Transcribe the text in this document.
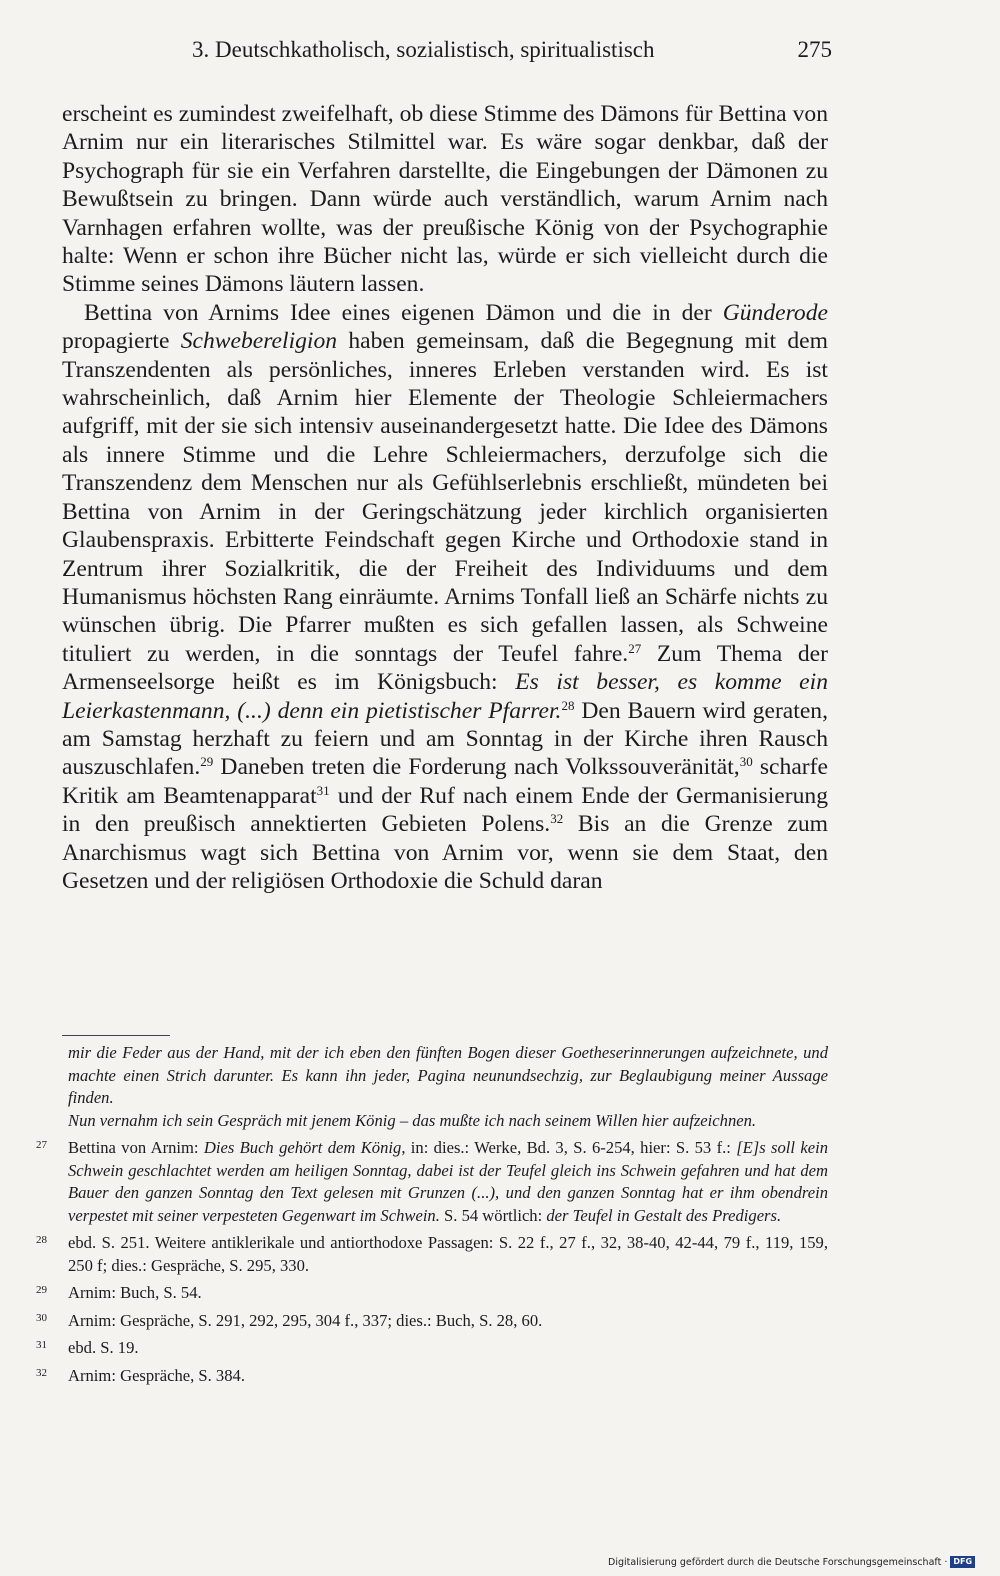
3. Deutschkatholisch, sozialistisch, spiritualistisch	275

erscheint es zumindest zweifelhaft, ob diese Stimme des Dämons für Bettina von Arnim nur ein literarisches Stilmittel war. Es wäre sogar denkbar, daß der Psychograph für sie ein Verfahren darstellte, die Eingebungen der Dämonen zu Bewußtsein zu bringen. Dann würde auch verständlich, warum Arnim nach Varnhagen erfahren wollte, was der preußische König von der Psychographie halte: Wenn er schon ihre Bücher nicht las, würde er sich vielleicht durch die Stimme seines Dämons läutern lassen.

Bettina von Arnims Idee eines eigenen Dämon und die in der Günderode propagierte Schwebereligion haben gemeinsam, daß die Begegnung mit dem Transzendenten als persönliches, inneres Erleben verstanden wird. Es ist wahrscheinlich, daß Arnim hier Elemente der Theologie Schleiermachers aufgriff, mit der sie sich intensiv auseinandergesetzt hatte. Die Idee des Dämons als innere Stimme und die Lehre Schleiermachers, derzufolge sich die Transzendenz dem Menschen nur als Gefühlserlebnis erschließt, mündeten bei Bettina von Arnim in der Geringschätzung jeder kirchlich organisierten Glaubenspraxis. Erbitterte Feindschaft gegen Kirche und Orthodoxie stand in Zentrum ihrer Sozialkritik, die der Freiheit des Individuums und dem Humanismus höchsten Rang einräumte. Arnims Tonfall ließ an Schärfe nichts zu wünschen übrig. Die Pfarrer mußten es sich gefallen lassen, als Schweine tituliert zu werden, in die sonntags der Teufel fahre.$^{27}$ Zum Thema der Armenseelsorge heißt es im Königsbuch: Es ist besser, es komme ein Leierkastenmann, (...) denn ein pietistischer Pfarrer.$^{28}$ Den Bauern wird geraten, am Samstag herzhaft zu feiern und am Sonntag in der Kirche ihren Rausch auszuschlafen.$^{29}$ Daneben treten die Forderung nach Volkssouveränität,$^{30}$ scharfe Kritik am Beamtenapparat$^{31}$ und der Ruf nach einem Ende der Germanisierung in den preußisch annektierten Gebieten Polens.$^{32}$ Bis an die Grenze zum Anarchismus wagt sich Bettina von Arnim vor, wenn sie dem Staat, den Gesetzen und der religiösen Orthodoxie die Schuld daran

mir die Feder aus der Hand, mit der ich eben den fünften Bogen dieser Goetheserinnerungen aufzeichnete, und machte einen Strich darunter. Es kann ihn jeder, Pagina neunundsechzig, zur Beglaubigung meiner Aussage finden.

Nun vernahm ich sein Gespräch mit jenem König – das mußte ich nach seinem Willen hier aufzeichnen.

27 Bettina von Arnim: Dies Buch gehört dem König, in: dies.: Werke, Bd. 3, S. 6-254, hier: S. 53 f.: [E]s soll kein Schwein geschlachtet werden am heiligen Sonntag, dabei ist der Teufel gleich ins Schwein gefahren und hat dem Bauer den ganzen Sonntag den Text gelesen mit Grunzen (...), und den ganzen Sonntag hat er ihm obendrein verpestet mit seiner verpesteten Gegenwart im Schwein. S. 54 wörtlich: der Teufel in Gestalt des Predigers.

28 ebd. S. 251. Weitere antiklerikale und antiorthodoxe Passagen: S. 22 f., 27 f., 32, 38-40, 42-44, 79 f., 119, 159, 250 f; dies.: Gespräche, S. 295, 330.

29 Arnim: Buch, S. 54.

30 Arnim: Gespräche, S. 291, 292, 295, 304 f., 337; dies.: Buch, S. 28, 60.

31 ebd. S. 19.

32 Arnim: Gespräche, S. 384.

Digitalisierung gefördert durch die Deutsche Forschungsgemeinschaft · DFG
